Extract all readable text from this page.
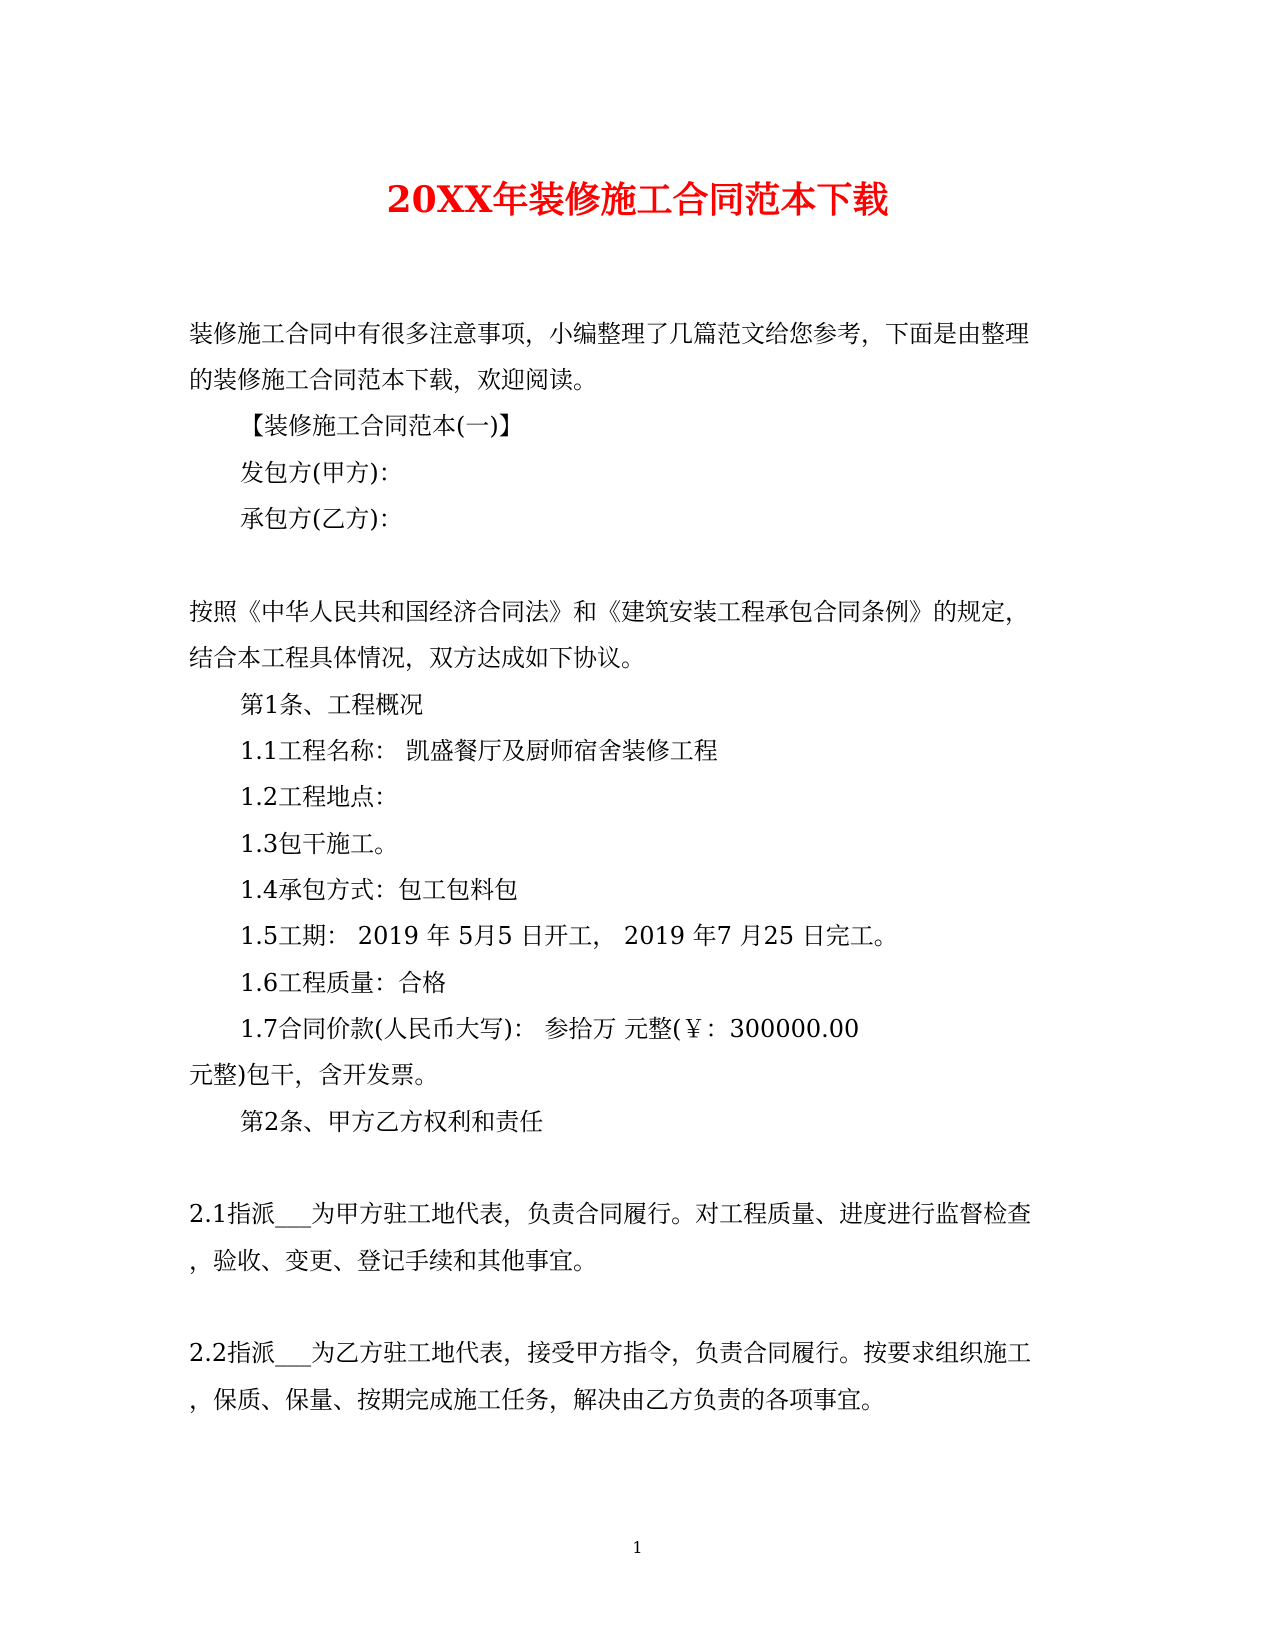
20XX年装修施工合同范本下载
装修施工合同中有很多注意事项，小编整理了几篇范文给您参考，下面是由整理
的装修施工合同范本下载，欢迎阅读。
【装修施工合同范本(一)】
发包方(甲方)：
承包方(乙方)：
按照《中华人民共和国经济合同法》和《建筑安装工程承包合同条例》的规定，
结合本工程具体情况，双方达成如下协议。
第1条、工程概况
1.1工程名称： 凯盛餐厅及厨师宿舍装修工程
1.2工程地点：
1.3包干施工。
1.4承包方式：包工包料包
1.5工期： 2019 年 5月5 日开工， 2019 年7 月25 日完工。
1.6工程质量：合格
1.7合同价款(人民币大写)： 参拾万 元整(￥：300000.00
元整)包干，含开发票。
第2条、甲方乙方权利和责任
2.1指派___为甲方驻工地代表，负责合同履行。对工程质量、进度进行监督检查
，验收、变更、登记手续和其他事宜。
2.2指派___为乙方驻工地代表，接受甲方指令，负责合同履行。按要求组织施工
，保质、保量、按期完成施工任务，解决由乙方负责的各项事宜。
1
